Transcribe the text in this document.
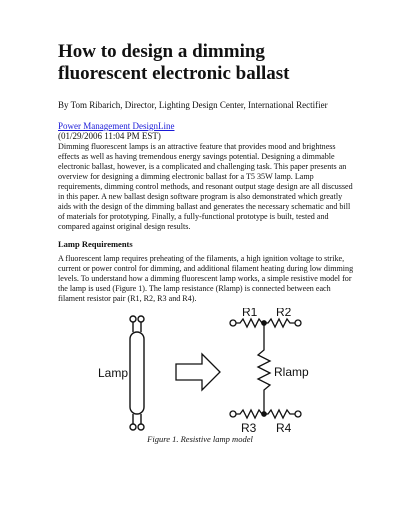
How to design a dimming fluorescent electronic ballast
By Tom Ribarich, Director, Lighting Design Center, International Rectifier
Power Management DesignLine
(01/29/2006 11:04 PM EST)

Dimming fluorescent lamps is an attractive feature that provides mood and brightness effects as well as having tremendous energy savings potential. Designing a dimmable electronic ballast, however, is a complicated and challenging task. This paper presents an overview for designing a dimming electronic ballast for a T5 35W lamp. Lamp requirements, dimming control methods, and resonant output stage design are all discussed in this paper. A new ballast design software program is also demonstrated which greatly aids with the design of the dimming ballast and generates the necessary schematic and bill of materials for prototyping. Finally, a fully-functional prototype is built, tested and compared against original design results.

Lamp Requirements

A fluorescent lamp requires preheating of the filaments, a high ignition voltage to strike, current or power control for dimming, and additional filament heating during low dimming levels. To understand how a dimming fluorescent lamp works, a simple resistive model for the lamp is used (Figure 1). The lamp resistance (Rlamp) is connected between each filament resistor pair (R1, R2, R3 and R4).

Lamp
R1 R2
Rlamp
R3 R4
Figure 1. Resistive lamp model
